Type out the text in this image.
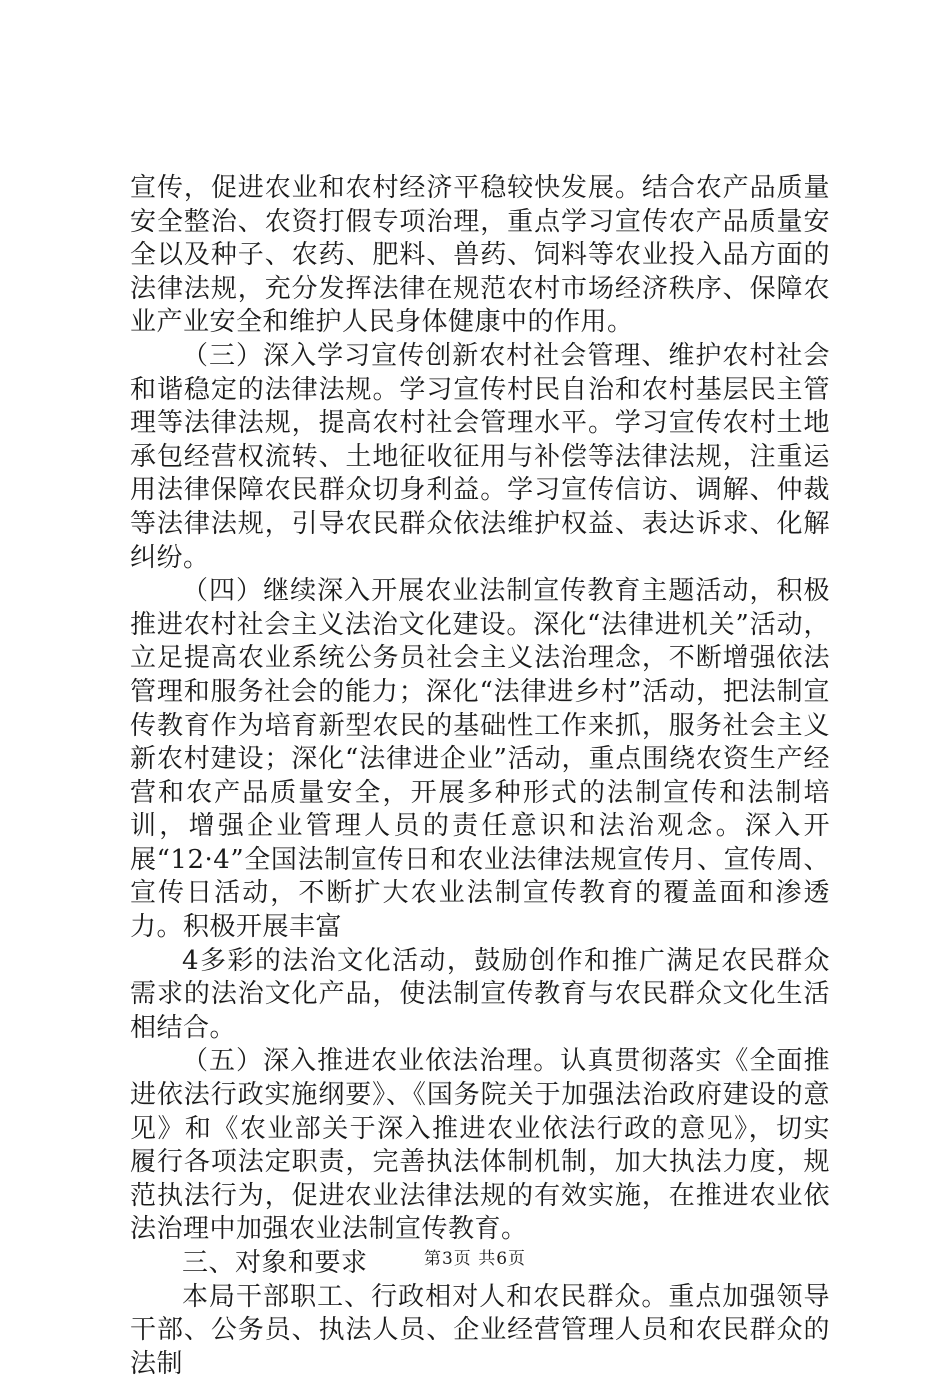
宣传，促进农业和农村经济平稳较快发展。结合农产品质量安全整治、农资打假专项治理，重点学习宣传农产品质量安全以及种子、农药、肥料、兽药、饲料等农业投入品方面的法律法规，充分发挥法律在规范农村市场经济秩序、保障农业产业安全和维护人民身体健康中的作用。

（三）深入学习宣传创新农村社会管理、维护农村社会和谐稳定的法律法规。学习宣传村民自治和农村基层民主管理等法律法规，提高农村社会管理水平。学习宣传农村土地承包经营权流转、土地征收征用与补偿等法律法规，注重运用法律保障农民群众切身利益。学习宣传信访、调解、仲裁等法律法规，引导农民群众依法维护权益、表达诉求、化解纠纷。

（四）继续深入开展农业法制宣传教育主题活动，积极推进农村社会主义法治文化建设。深化“法律进机关”活动，立足提高农业系统公务员社会主义法治理念，不断增强依法管理和服务社会的能力；深化“法律进乡村”活动，把法制宣传教育作为培育新型农民的基础性工作来抓，服务社会主义新农村建设；深化“法律进企业”活动，重点围绕农资生产经营和农产品质量安全，开展多种形式的法制宣传和法制培训，增强企业管理人员的责任意识和法治观念。深入开展“12·4”全国法制宣传日和农业法律法规宣传月、宣传周、宣传日活动，不断扩大农业法制宣传教育的覆盖面和渗透力。积极开展丰富

4多彩的法治文化活动，鼓励创作和推广满足农民群众需求的法治文化产品，使法制宣传教育与农民群众文化生活相结合。

（五）深入推进农业依法治理。认真贯彻落实《全面推进依法行政实施纲要》、《国务院关于加强法治政府建设的意见》和《农业部关于深入推进农业依法行政的意见》，切实履行各项法定职责，完善执法体制机制，加大执法力度，规范执法行为，促进农业法律法规的有效实施，在推进农业依法治理中加强农业法制宣传教育。

三、对象和要求

本局干部职工、行政相对人和农民群众。重点加强领导干部、公务员、执法人员、企业经营管理人员和农民群众的法制

第3页 共6页
